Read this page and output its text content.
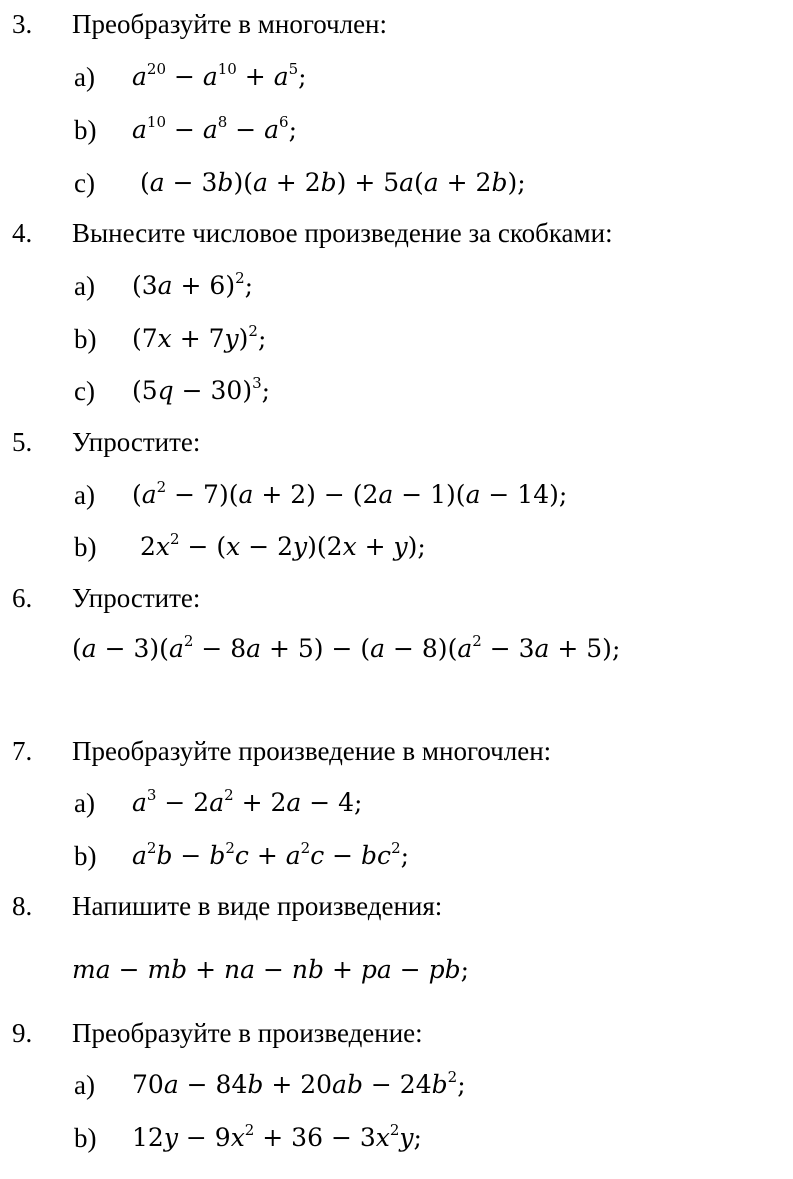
3. Преобразуйте в многочлен:
a) $a^{20} - a^{10} + a^5$;
b) $a^{10} - a^8 - a^6$;
c) (a − 3b)(a + 2b) + 5a(a + 2b);
4. Вынесите числовое произведение за скобками:
a) $(3a + 6)^2$;
b) $(7x + 7y)^2$;
c) $(5q - 30)^3$;
5. Упростите:
a) $(a^2 - 7)(a + 2) - (2a - 1)(a - 14)$;
b) $2x^2 - (x - 2y)(2x + y)$;
6. Упростите:
$(a - 3)(a^2 - 8a + 5) - (a - 8)(a^2 - 3a + 5)$;
7. Преобразуйте произведение в многочлен:
a) $a^3 - 2a^2 + 2a - 4$;
b) $a^2b - b^2c + a^2c - bc^2$;
8. Напишите в виде произведения:
ma − mb + na − nb + pa − pb;
9. Преобразуйте в произведение:
a) $70a - 84b + 20ab - 24b^2$;
b) $12y - 9x^2 + 36 - 3x^2y$;
